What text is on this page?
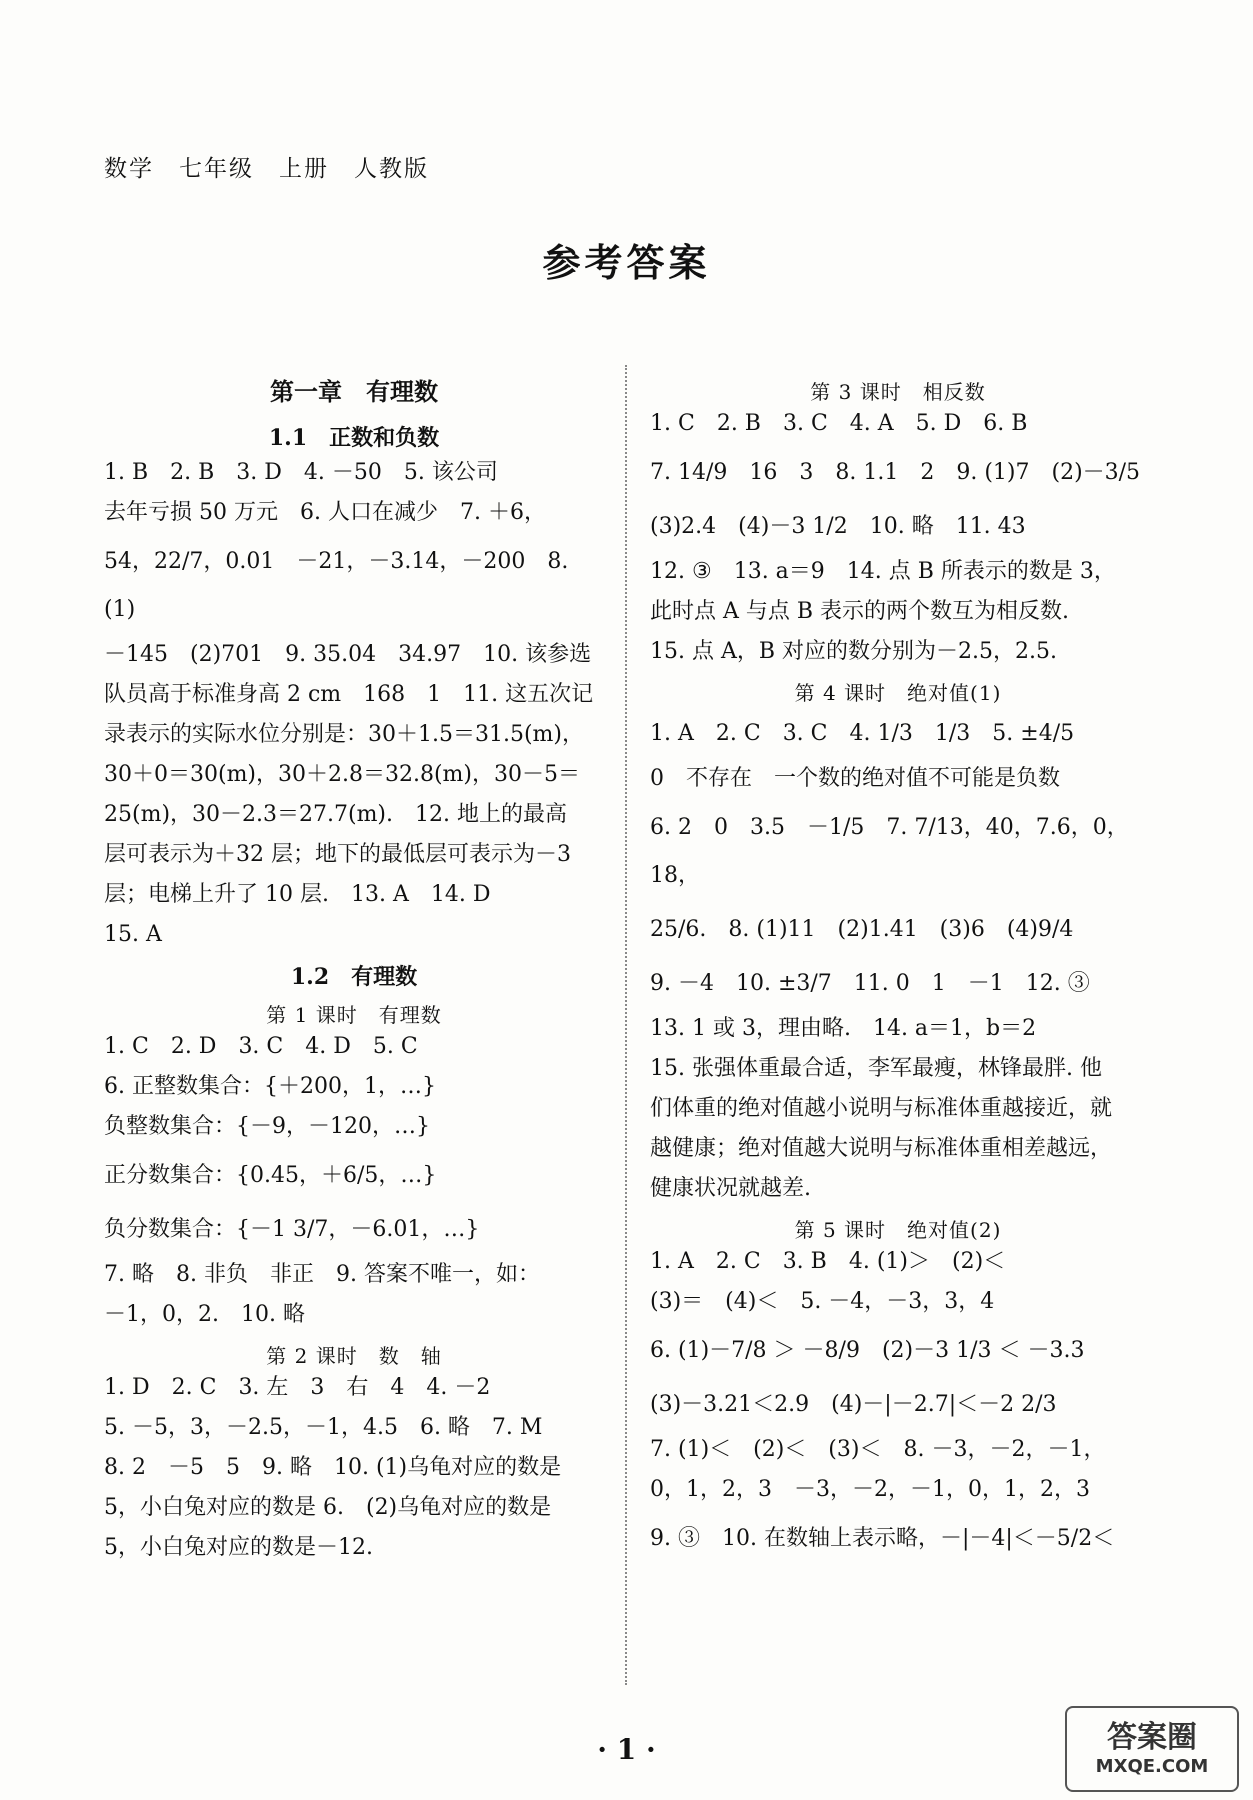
数学　七年级　上册　人教版
参考答案
第一章　有理数
1.1　正数和负数
1. B　2. B　3. D　4. －50　5. 该公司
去年亏损 50 万元　6. 人口在减少　7. ＋6，
54，22/7，0.01　－21，－3.14，－200　8. (1)
－145　(2)701　9. 35.04　34.97　10. 该参选
队员高于标准身高 2 cm　168　1　11. 这五次记
录表示的实际水位分别是：30＋1.5＝31.5(m)，
30＋0＝30(m)，30＋2.8＝32.8(m)，30－5＝
25(m)，30－2.3＝27.7(m).　12. 地上的最高
层可表示为＋32 层；地下的最低层可表示为－3
层；电梯上升了 10 层.　13. A　14. D
15. A
1.2　有理数
第 1 课时　有理数
1. C　2. D　3. C　4. D　5. C
6. 正整数集合：{＋200，1，…}
负整数集合：{－9，－120，…}
正分数集合：{0.45，＋6/5，…}
负分数集合：{－1 3/7，－6.01，…}
7. 略　8. 非负　非正　9. 答案不唯一，如：
－1，0，2.　10. 略
第 2 课时　数　轴
1. D　2. C　3. 左　3　右　4　4. －2
5. －5，3，－2.5，－1，4.5　6. 略　7. M
8. 2　－5　5　9. 略　10. (1)乌龟对应的数是
5，小白兔对应的数是 6.　(2)乌龟对应的数是
5，小白兔对应的数是－12.
第 3 课时　相反数
1. C　2. B　3. C　4. A　5. D　6. B
7. 14/9　16　3　8. 1.1　2　9. (1)7　(2)－3/5
(3)2.4　(4)－3 1/2　10. 略　11. 43
12. ③　13. a＝9　14. 点 B 所表示的数是 3，
此时点 A 与点 B 表示的两个数互为相反数.
15. 点 A，B 对应的数分别为－2.5，2.5.
第 4 课时　绝对值(1)
1. A　2. C　3. C　4. 1/3　1/3　5. ±4/5
0　不存在　一个数的绝对值不可能是负数
6. 2　0　3.5　－1/5　7. 7/13，40，7.6，0，18，
25/6.　8. (1)11　(2)1.41　(3)6　(4)9/4
9. －4　10. ±3/7　11. 0　1　－1　12. ③
13. 1 或 3，理由略.　14. a＝1，b＝2
15. 张强体重最合适，李军最瘦，林锋最胖. 他
们体重的绝对值越小说明与标准体重越接近，就
越健康；绝对值越大说明与标准体重相差越远，
健康状况就越差.
第 5 课时　绝对值(2)
1. A　2. C　3. B　4. (1)＞　(2)＜
(3)＝　(4)＜　5. －4，－3，3，4
6. (1)－7/8 ＞ －8/9　(2)－3 1/3 ＜ －3.3
(3)－3.21＜2.9　(4)－|－2.7|＜－2 2/3
7. (1)＜　(2)＜　(3)＜　8. －3，－2，－1，
0，1，2，3　－3，－2，－1，0，1，2，3
9. ③　10. 在数轴上表示略，－|－4|＜－5/2＜
· 1 ·	答案圈
MXQE.COM
